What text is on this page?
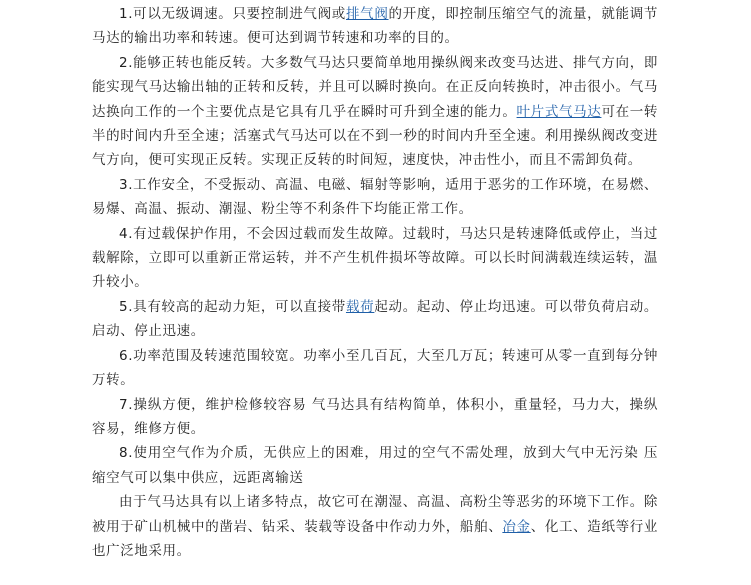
1.可以无级调速。只要控制进气阀或排气阀的开度，即控制压缩空气的流量，就能调节马达的输出功率和转速。便可达到调节转速和功率的目的。

2.能够正转也能反转。大多数气马达只要简单地用操纵阀来改变马达进、排气方向，即能实现气马达输出轴的正转和反转，并且可以瞬时换向。在正反向转换时，冲击很小。气马达换向工作的一个主要优点是它具有几乎在瞬时可升到全速的能力。叶片式气马达可在一转半的时间内升至全速；活塞式气马达可以在不到一秒的时间内升至全速。利用操纵阀改变进气方向，便可实现正反转。实现正反转的时间短，速度快，冲击性小，而且不需卸负荷。

3.工作安全，不受振动、高温、电磁、辐射等影响，适用于恶劣的工作环境，在易燃、易爆、高温、振动、潮湿、粉尘等不利条件下均能正常工作。

4.有过载保护作用，不会因过载而发生故障。过载时，马达只是转速降低或停止，当过载解除，立即可以重新正常运转，并不产生机件损坏等故障。可以长时间满载连续运转，温升较小。

5.具有较高的起动力矩，可以直接带载荷起动。起动、停止均迅速。可以带负荷启动。启动、停止迅速。

6.功率范围及转速范围较宽。功率小至几百瓦，大至几万瓦；转速可从零一直到每分钟万转。

7.操纵方便，维护检修较容易 气马达具有结构简单，体积小，重量轻，马力大，操纵容易，维修方便。

8.使用空气作为介质，无供应上的困难，用过的空气不需处理，放到大气中无污染 压缩空气可以集中供应，远距离输送

由于气马达具有以上诸多特点，故它可在潮湿、高温、高粉尘等恶劣的环境下工作。除被用于矿山机械中的凿岩、钻采、装载等设备中作动力外，船舶、冶金、化工、造纸等行业也广泛地采用。
